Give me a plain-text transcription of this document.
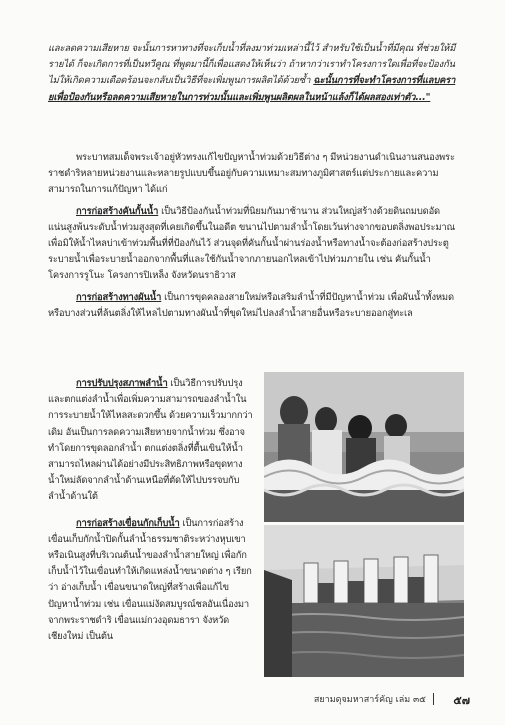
และลดความเสียหาย จะนั้นการหาทางที่จะเก็บน้ำที่ลงมาท่วมเหล่านี้ไว้ สำหรับใช้เป็นน้ำที่มีคุณ ที่ช่วยให้มีรายได้ ก็จะเกิดการที่เป็นทวีคูณ ที่พูดมานี้ก็เพื่อแสดงให้เห็นว่า ถ้าหากว่าเราทำโครงการใดเพื่อที่จะป้องกันไม่ให้เกิดความเดือดร้อนจะกลับเป็นวิธีที่จะเพิ่มพูนการผลิตได้ด้วยซ้ำ ฉะนั้นการที่จะทำโครงการที่แลบครายเพื่อป้องกันหรือลดความเสียหายในการท่วมนั้นและเพิ่มพูนผลิตผลในหน้าแล้งก็ได้ผลสองเท่าตัว..."

พระบาทสมเด็จพระเจ้าอยู่หัวทรงแก้ไขปัญหาน้ำท่วมด้วยวิธีต่าง ๆ มีหน่วยงานดำเนินงานสนองพระราชดำริหลายหน่วยงานและหลายรูปแบบขึ้นอยู่กับความเหมาะสมทางภูมิศาสตร์แต่ประกายและความสามารถในการแก้ปัญหา ได้แก่

การก่อสร้างคันกั้นน้ำ เป็นวิธีป้องกันน้ำท่วมที่นิยมกันมาช้านาน ส่วนใหญ่สร้างด้วยดินถมบดอัดแน่นสูงพ้นระดับน้ำท่วมสูงสุดที่เคยเกิดขึ้นในอดีต ขนานไปตามลำน้ำโดยเว้นห่างจากขอบตลิ่งพอประมาณ เพื่อมิให้น้ำไหลบ่าเข้าท่วมพื้นที่ที่ป้องกันไว้ ส่วนจุดที่คันกั้นน้ำผ่านร่องน้ำหรือทางน้ำจะต้องก่อสร้างประตูระบายน้ำเพื่อระบายน้ำออกจากพื้นที่และใช้กันน้ำจากภายนอกไหลเข้าไปท่วมภายใน เช่น คันกั้นน้ำโครงการรูโนะ โครงการปิเหล็ง จังหวัดนราธิวาส

การก่อสร้างทางผันน้ำ เป็นการขุดคลองสายใหม่หรือเสริมลำน้ำที่มีปัญหาน้ำท่วม เพื่อผันน้ำทั้งหมดหรือบางส่วนที่ล้นตลิ่งให้ไหลไปตามทางผันน้ำที่ขุดใหม่ไปลงลำน้ำสายอื่นหรือระบายออกสู่ทะเล

การปรับปรุงสภาพลำน้ำ เป็นวิธีการปรับปรุงและตกแต่งลำน้ำเพื่อเพิ่มความสามารถของลำน้ำในการระบายน้ำให้ไหลสะดวกขึ้น ด้วยความเร็วมากกว่าเดิม อันเป็นการลดความเสียหายจากน้ำท่วม ซึ่งอาจทำโดยการขุดลอกลำน้ำ ตกแต่งตลิ่งที่ตื้นเขินให้น้ำสามารถไหลผ่านได้อย่างมีประสิทธิภาพหรือขุดทางน้ำใหม่ลัดจากลำน้ำด้านเหนือที่ตัดให้ไปบรรจบกับลำน้ำด้านใต้

การก่อสร้างเขื่อนกักเก็บน้ำ เป็นการก่อสร้างเขื่อนเก็บกักน้ำปิดกั้นลำน้ำธรรมชาติระหว่างหุบเขาหรือเนินสูงที่บริเวณต้นน้ำของลำน้ำสายใหญ่ เพื่อกักเก็บน้ำไว้ในเขื่อนทำให้เกิดแหล่งน้ำขนาดต่าง ๆ เรียกว่า อ่างเก็บน้ำ เขื่อนขนาดใหญ่ที่สร้างเพื่อแก้ไขปัญหาน้ำท่วม เช่น เขื่อนแม่งัดสมบูรณ์ชลอันเนื่องมาจากพระราชดำริ เขื่อนแม่กวงอุดมธารา จังหวัดเชียงใหม่ เป็นต้น

สยามดุจมหาสาร์คัญ เล่ม ๓๕ ๕๗
